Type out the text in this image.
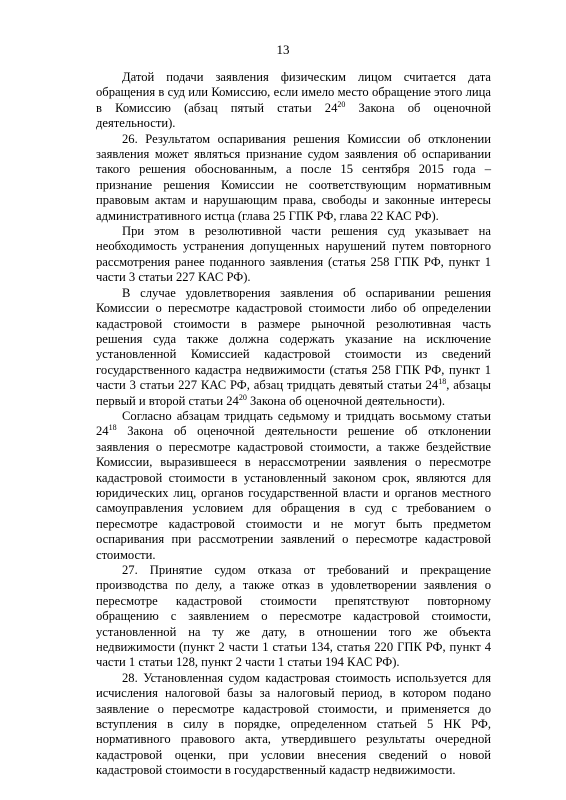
13

Датой подачи заявления физическим лицом считается дата обращения в суд или Комиссию, если имело место обращение этого лица в Комиссию (абзац пятый статьи $24^{20}$ Закона об оценочной деятельности).

26. Результатом оспаривания решения Комиссии об отклонении заявления может являться признание судом заявления об оспаривании такого решения обоснованным, а после 15 сентября 2015 года – признание решения Комиссии не соответствующим нормативным правовым актам и нарушающим права, свободы и законные интересы административного истца (глава 25 ГПК РФ, глава 22 КАС РФ).

При этом в резолютивной части решения суд указывает на необходимость устранения допущенных нарушений путем повторного рассмотрения ранее поданного заявления (статья 258 ГПК РФ, пункт 1 части 3 статьи 227 КАС РФ).

В случае удовлетворения заявления об оспаривании решения Комиссии о пересмотре кадастровой стоимости либо об определении кадастровой стоимости в размере рыночной резолютивная часть решения суда также должна содержать указание на исключение установленной Комиссией кадастровой стоимости из сведений государственного кадастра недвижимости (статья 258 ГПК РФ, пункт 1 части 3 статьи 227 КАС РФ, абзац тридцать девятый статьи $24^{18}$, абзацы первый и второй статьи $24^{20}$ Закона об оценочной деятельности).

Согласно абзацам тридцать седьмому и тридцать восьмому статьи $24^{18}$ Закона об оценочной деятельности решение об отклонении заявления о пересмотре кадастровой стоимости, а также бездействие Комиссии, выразившееся в нерассмотрении заявления о пересмотре кадастровой стоимости в установленный законом срок, являются для юридических лиц, органов государственной власти и органов местного самоуправления условием для обращения в суд с требованием о пересмотре кадастровой стоимости и не могут быть предметом оспаривания при рассмотрении заявлений о пересмотре кадастровой стоимости.

27. Принятие судом отказа от требований и прекращение производства по делу, а также отказ в удовлетворении заявления о пересмотре кадастровой стоимости препятствуют повторному обращению с заявлением о пересмотре кадастровой стоимости, установленной на ту же дату, в отношении того же объекта недвижимости (пункт 2 части 1 статьи 134, статья 220 ГПК РФ, пункт 4 части 1 статьи 128, пункт 2 части 1 статьи 194 КАС РФ).

28. Установленная судом кадастровая стоимость используется для исчисления налоговой базы за налоговый период, в котором подано заявление о пересмотре кадастровой стоимости, и применяется до вступления в силу в порядке, определенном статьей 5 НК РФ, нормативного правового акта, утвердившего результаты очередной кадастровой оценки, при условии внесения сведений о новой кадастровой стоимости в государственный кадастр недвижимости.
